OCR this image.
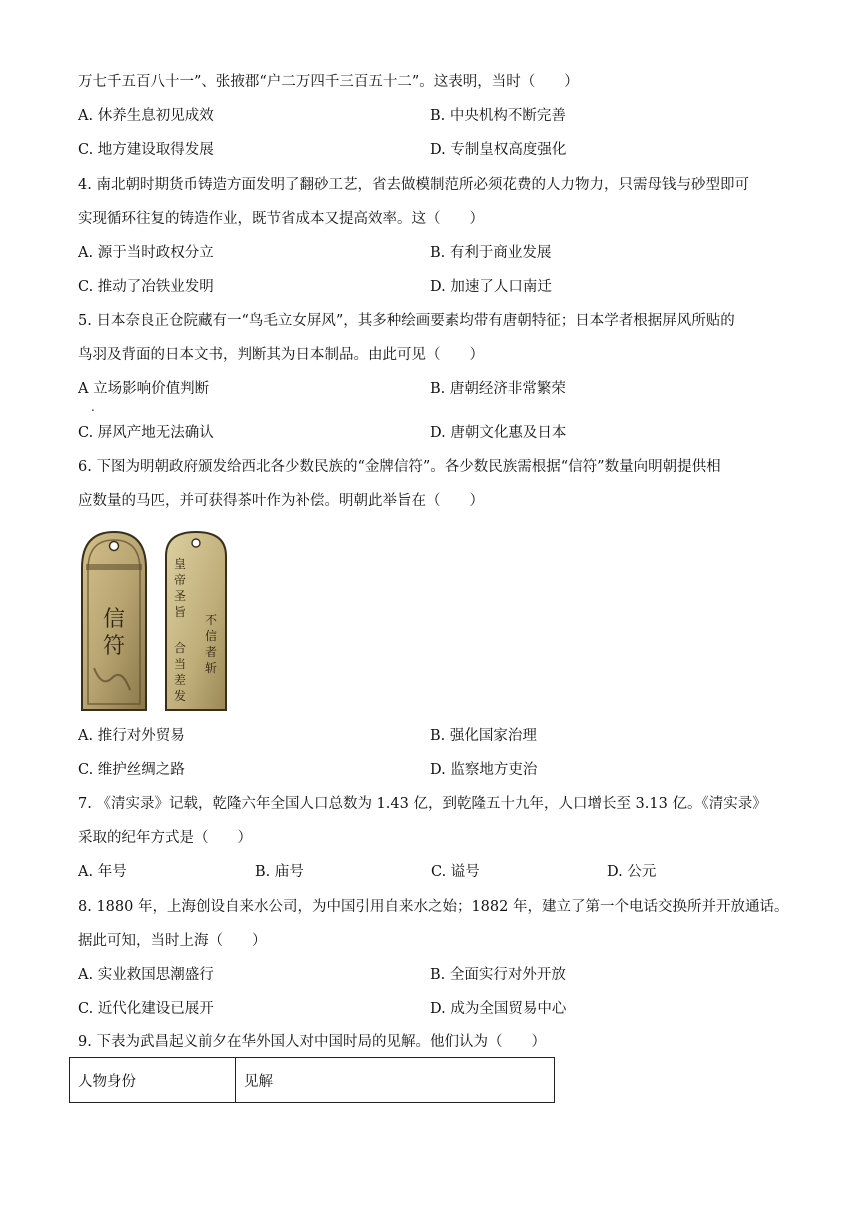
万七千五百八十一”、张掖郡“户二万四千三百五十二”。这表明，当时（　　）
A. 休养生息初见成效	B. 中央机构不断完善
C. 地方建设取得发展	D. 专制皇权高度强化
4. 南北朝时期货币铸造方面发明了翻砂工艺，省去做模制范所必须花费的人力物力，只需母钱与砂型即可
实现循环往复的铸造作业，既节省成本又提高效率。这（　　）
A. 源于当时政权分立	B. 有利于商业发展
C. 推动了冶铁业发明	D. 加速了人口南迁
5. 日本奈良正仓院藏有一“鸟毛立女屏风”，其多种绘画要素均带有唐朝特征；日本学者根据屏风所贴的
鸟羽及背面的日本文书，判断其为日本制品。由此可见（　　）
A 立场影响价值判断
.
B. 唐朝经济非常繁荣
C. 屏风产地无法确认	D. 唐朝文化惠及日本
6. 下图为明朝政府颁发给西北各少数民族的“金牌信符”。各少数民族需根据“信符”数量向明朝提供相
应数量的马匹，并可获得茶叶作为补偿。明朝此举旨在（　　）
信
符
皇
帝
圣
旨
合
当
差
发
不
信
者
斩
A. 推行对外贸易	B. 强化国家治理
C. 维护丝绸之路	D. 监察地方吏治
7. 《清实录》记载，乾隆六年全国人口总数为 1.43 亿，到乾隆五十九年，人口增长至 3.13 亿。《清实录》
采取的纪年方式是（　　）
A. 年号	B. 庙号	C. 谥号	D. 公元
8. 1880 年，上海创设自来水公司，为中国引用自来水之始；1882 年，建立了第一个电话交换所并开放通话。
据此可知，当时上海（　　）
A. 实业救国思潮盛行	B. 全面实行对外开放
C. 近代化建设已展开	D. 成为全国贸易中心
9. 下表为武昌起义前夕在华外国人对中国时局的见解。他们认为（　　）
人物身份	见解
